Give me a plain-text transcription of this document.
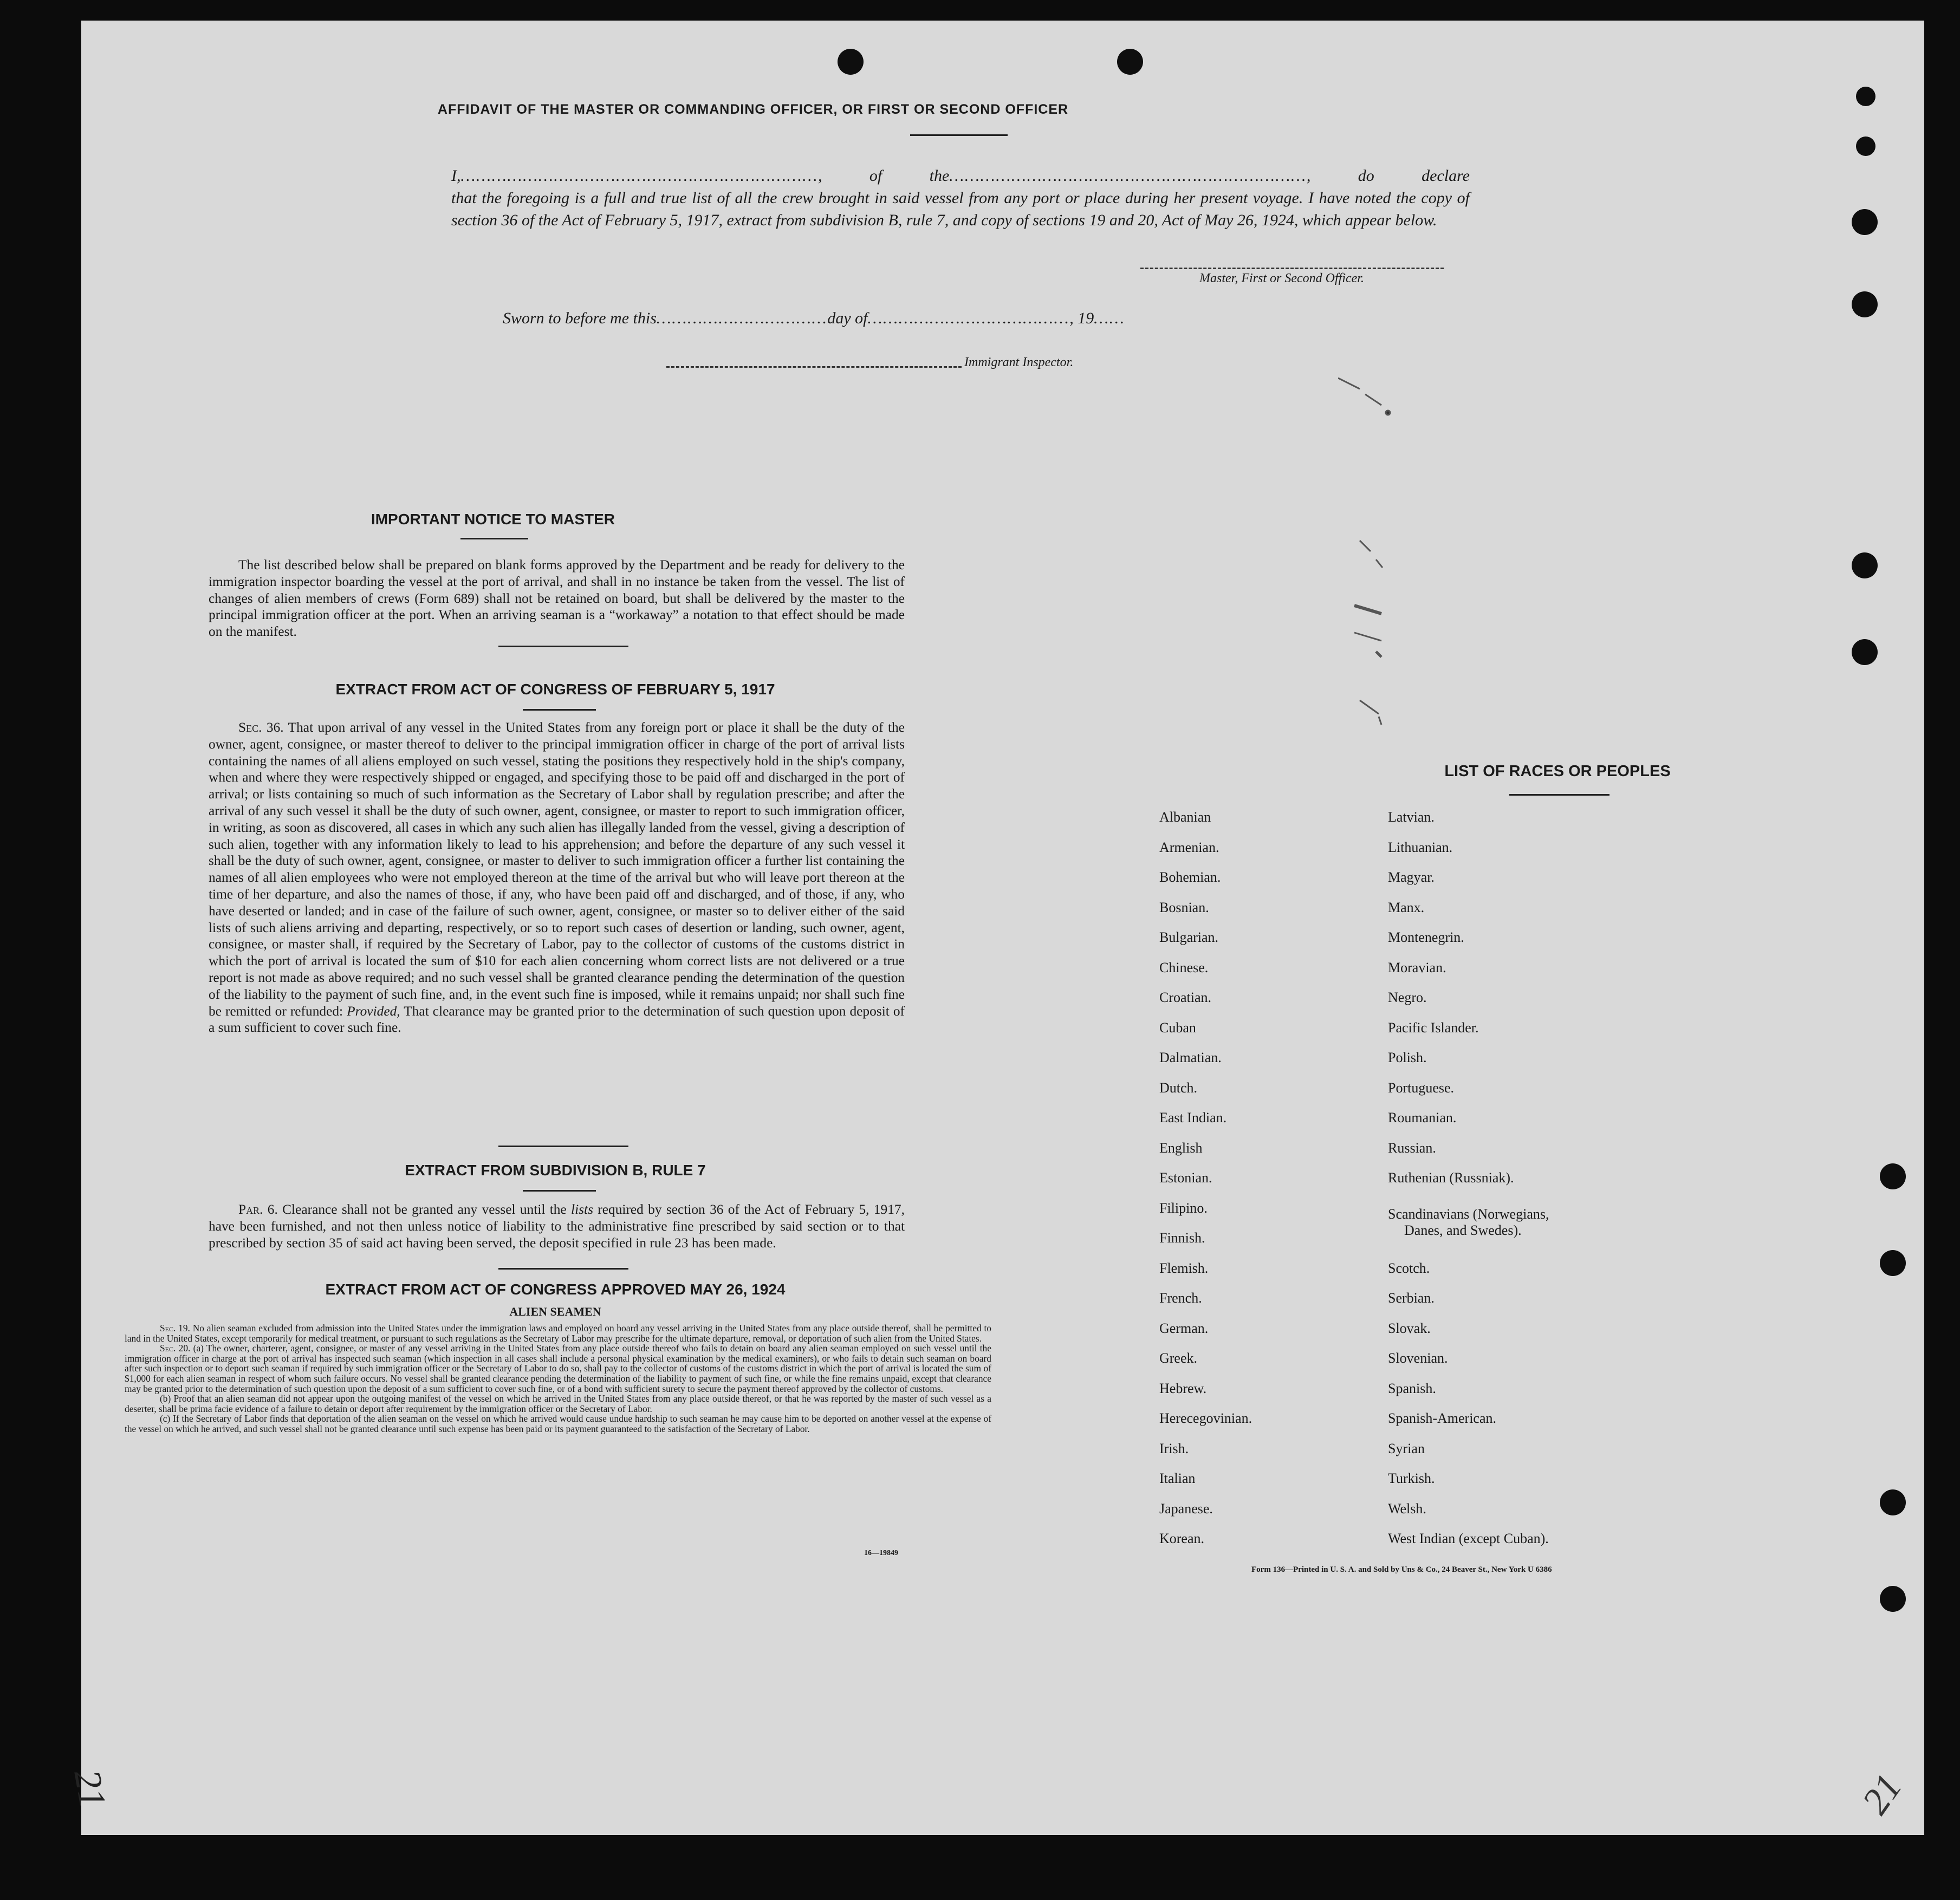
AFFIDAVIT OF THE MASTER OR COMMANDING OFFICER, OR FIRST OR SECOND OFFICER
I,……………………………………………………………, of the……………………………………………………………, do declare
that the foregoing is a full and true list of all the crew brought in said vessel from any port or place during her present voyage. I have noted the copy of section 36 of the Act of February 5, 1917, extract from subdivision B, rule 7, and copy of sections 19 and 20, Act of May 26, 1924, which appear below.
Master, First or Second Officer.
Sworn to before me this……………………………day of…………………………………, 19……
Immigrant Inspector.
IMPORTANT NOTICE TO MASTER

The list described below shall be prepared on blank forms approved by the Department and be ready for delivery to the immigration inspector boarding the vessel at the port of arrival, and shall in no instance be taken from the vessel. The list of changes of alien members of crews (Form 689) shall not be retained on board, but shall be delivered by the master to the principal immigration officer at the port. When an arriving seaman is a “workaway” a notation to that effect should be made on the manifest.

EXTRACT FROM ACT OF CONGRESS OF FEBRUARY 5, 1917

Sec. 36. That upon arrival of any vessel in the United States from any foreign port or place it shall be the duty of the owner, agent, consignee, or master thereof to deliver to the principal immigration officer in charge of the port of arrival lists containing the names of all aliens employed on such vessel, stating the positions they respectively hold in the ship's company, when and where they were respectively shipped or engaged, and specifying those to be paid off and discharged in the port of arrival; or lists containing so much of such information as the Secretary of Labor shall by regulation prescribe; and after the arrival of any such vessel it shall be the duty of such owner, agent, consignee, or master to report to such immigration officer, in writing, as soon as discovered, all cases in which any such alien has illegally landed from the vessel, giving a description of such alien, together with any information likely to lead to his apprehension; and before the departure of any such vessel it shall be the duty of such owner, agent, consignee, or master to deliver to such immigration officer a further list containing the names of all alien employees who were not employed thereon at the time of the arrival but who will leave port thereon at the time of her departure, and also the names of those, if any, who have been paid off and discharged, and of those, if any, who have deserted or landed; and in case of the failure of such owner, agent, consignee, or master so to deliver either of the said lists of such aliens arriving and departing, respectively, or so to report such cases of desertion or landing, such owner, agent, consignee, or master shall, if required by the Secretary of Labor, pay to the collector of customs of the customs district in which the port of arrival is located the sum of $10 for each alien concerning whom correct lists are not delivered or a true report is not made as above required; and no such vessel shall be granted clearance pending the determination of the question of the liability to the payment of such fine, and, in the event such fine is imposed, while it remains unpaid; nor shall such fine be remitted or refunded: Provided, That clearance may be granted prior to the determination of such question upon deposit of a sum sufficient to cover such fine.

EXTRACT FROM SUBDIVISION B, RULE 7

Par. 6. Clearance shall not be granted any vessel until the lists required by section 36 of the Act of February 5, 1917, have been furnished, and not then unless notice of liability to the administrative fine prescribed by said section or to that prescribed by section 35 of said act having been served, the deposit specified in rule 23 has been made.

EXTRACT FROM ACT OF CONGRESS APPROVED MAY 26, 1924
ALIEN SEAMEN

Sec. 19. No alien seaman excluded from admission into the United States under the immigration laws and employed on board any vessel arriving in the United States from any place outside thereof, shall be permitted to land in the United States, except temporarily for medical treatment, or pursuant to such regulations as the Secretary of Labor may prescribe for the ultimate departure, removal, or deportation of such alien from the United States.

Sec. 20. (a) The owner, charterer, agent, consignee, or master of any vessel arriving in the United States from any place outside thereof who fails to detain on board any alien seaman employed on such vessel until the immigration officer in charge at the port of arrival has inspected such seaman (which inspection in all cases shall include a personal physical examination by the medical examiners), or who fails to detain such seaman on board after such inspection or to deport such seaman if required by such immigration officer or the Secretary of Labor to do so, shall pay to the collector of customs of the customs district in which the port of arrival is located the sum of $1,000 for each alien seaman in respect of whom such failure occurs. No vessel shall be granted clearance pending the determination of the liability to payment of such fine, or while the fine remains unpaid, except that clearance may be granted prior to the determination of such question upon the deposit of a sum sufficient to cover such fine, or of a bond with sufficient surety to secure the payment thereof approved by the collector of customs.

(b) Proof that an alien seaman did not appear upon the outgoing manifest of the vessel on which he arrived in the United States from any place outside thereof, or that he was reported by the master of such vessel as a deserter, shall be prima facie evidence of a failure to detain or deport after requirement by the immigration officer or the Secretary of Labor.

(c) If the Secretary of Labor finds that deportation of the alien seaman on the vessel on which he arrived would cause undue hardship to such seaman he may cause him to be deported on another vessel at the expense of the vessel on which he arrived, and such vessel shall not be granted clearance until such expense has been paid or its payment guaranteed to the satisfaction of the Secretary of Labor.

16—19849
LIST OF RACES OR PEOPLES
Albanian
Armenian.
Bohemian.
Bosnian.
Bulgarian.
Chinese.
Croatian.
Cuban
Dalmatian.
Dutch.
East Indian.
English
Estonian.
Filipino.
Finnish.
Flemish.
French.
German.
Greek.
Hebrew.
Herecegovinian.
Irish.
Italian
Japanese.
Korean.
Latvian.
Lithuanian.
Magyar.
Manx.
Montenegrin.
Moravian.
Negro.
Pacific Islander.
Polish.
Portuguese.
Roumanian.
Russian.
Ruthenian (Russniak).
Scandinavians (Norwegians,
Danes, and Swedes).
Scotch.
Serbian.
Slovak.
Slovenian.
Spanish.
Spanish-American.
Syrian
Turkish.
Welsh.
West Indian (except Cuban).
Form 136—Printed in U. S. A. and Sold by Uns & Co., 24 Beaver St., New York U 6386
21	21
